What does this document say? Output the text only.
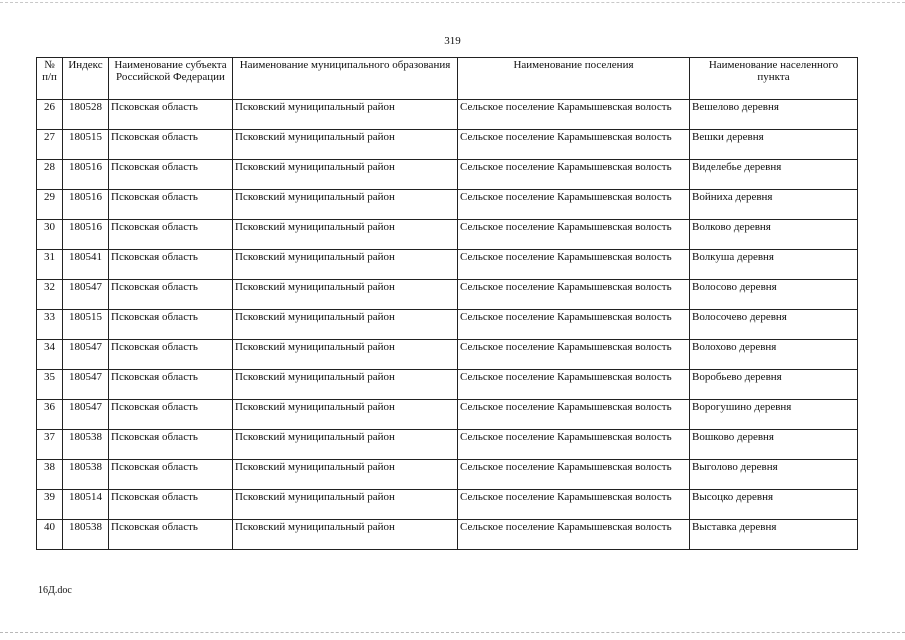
319
№ п/п	Индекс	Наименование субъекта Российской Федерации	Наименование муниципального образования	Наименование поселения	Наименование населенного пункта
26	180528	Псковская область	Псковский муниципальный район	Сельское поселение Карамышевская волость	Вешелово деревня
27	180515	Псковская область	Псковский муниципальный район	Сельское поселение Карамышевская волость	Вешки деревня
28	180516	Псковская область	Псковский муниципальный район	Сельское поселение Карамышевская волость	Виделебье деревня
29	180516	Псковская область	Псковский муниципальный район	Сельское поселение Карамышевская волость	Войниха деревня
30	180516	Псковская область	Псковский муниципальный район	Сельское поселение Карамышевская волость	Волково деревня
31	180541	Псковская область	Псковский муниципальный район	Сельское поселение Карамышевская волость	Волкуша деревня
32	180547	Псковская область	Псковский муниципальный район	Сельское поселение Карамышевская волость	Волосово деревня
33	180515	Псковская область	Псковский муниципальный район	Сельское поселение Карамышевская волость	Волосочево деревня
34	180547	Псковская область	Псковский муниципальный район	Сельское поселение Карамышевская волость	Волохово деревня
35	180547	Псковская область	Псковский муниципальный район	Сельское поселение Карамышевская волость	Воробьево деревня
36	180547	Псковская область	Псковский муниципальный район	Сельское поселение Карамышевская волость	Ворогушино деревня
37	180538	Псковская область	Псковский муниципальный район	Сельское поселение Карамышевская волость	Вошково деревня
38	180538	Псковская область	Псковский муниципальный район	Сельское поселение Карамышевская волость	Выголово деревня
39	180514	Псковская область	Псковский муниципальный район	Сельское поселение Карамышевская волость	Высоцко деревня
40	180538	Псковская область	Псковский муниципальный район	Сельское поселение Карамышевская волость	Выставка деревня
16Д.doc
